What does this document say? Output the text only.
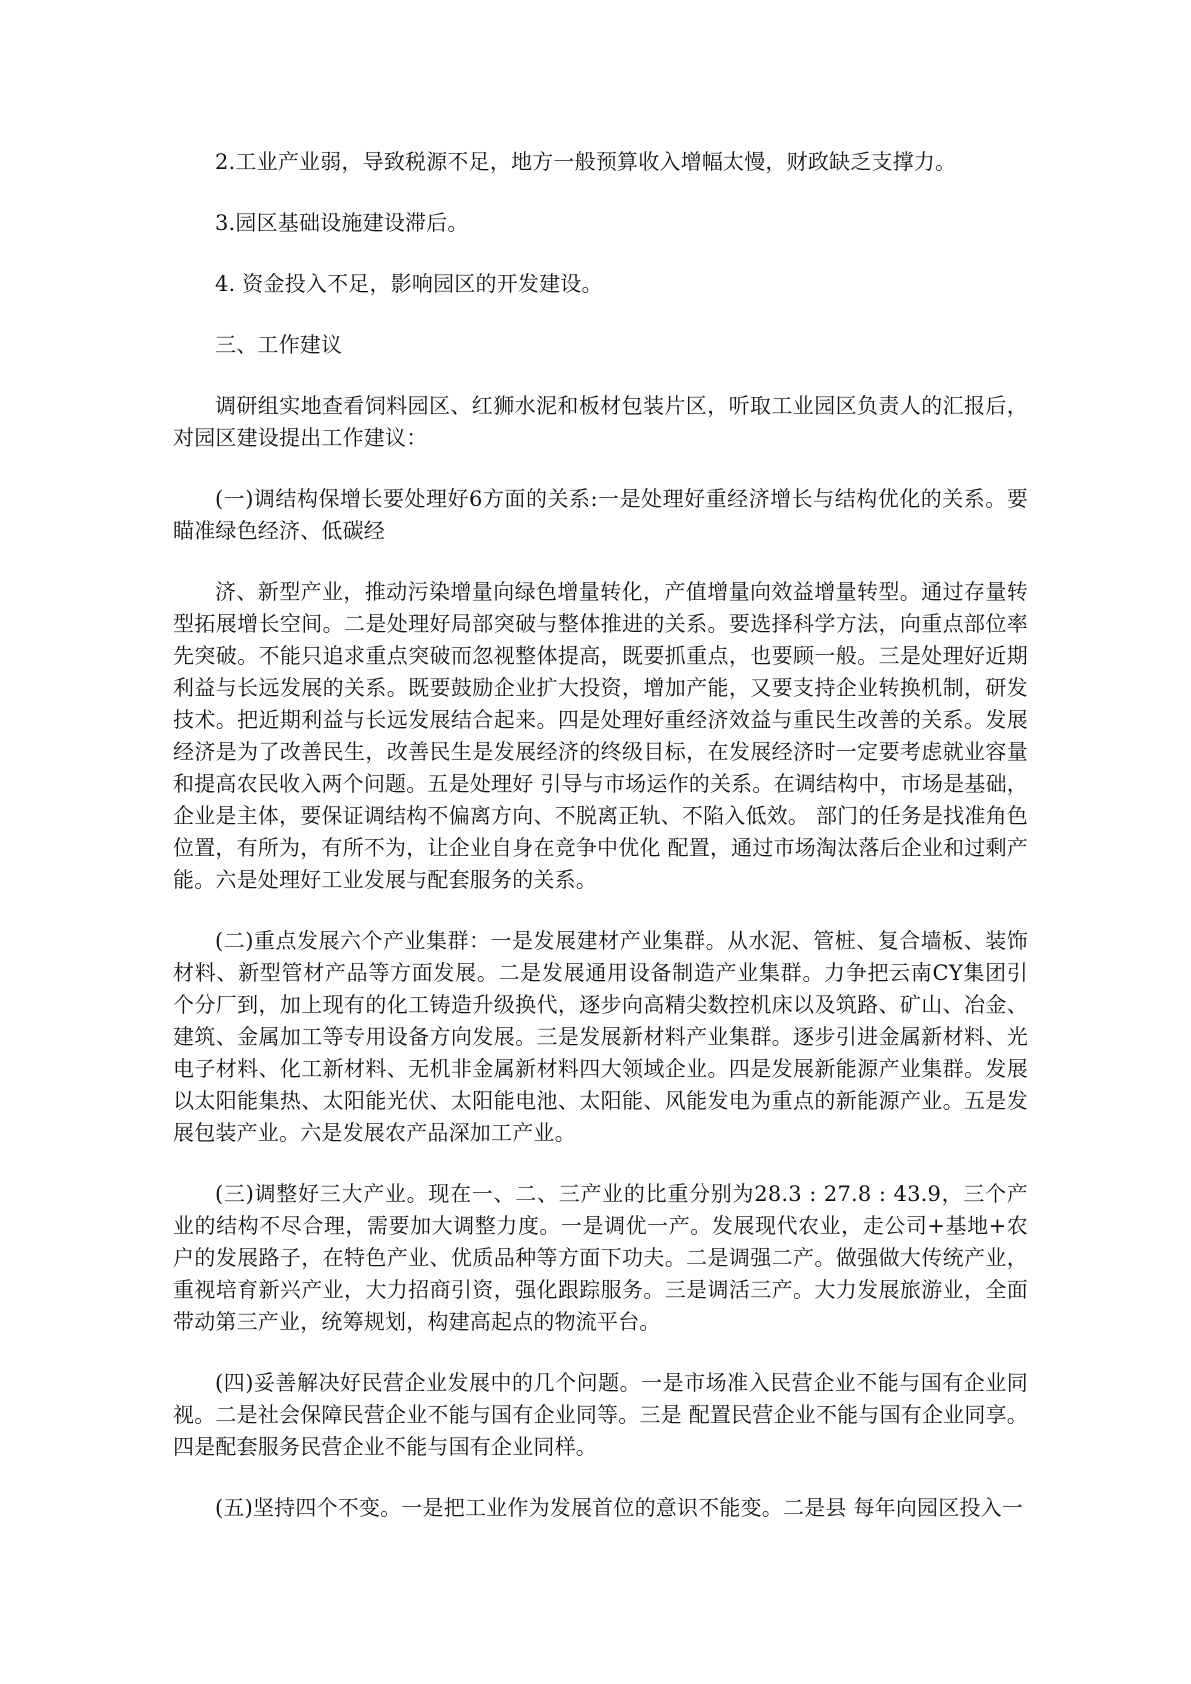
2.工业产业弱，导致税源不足，地方一般预算收入增幅太慢，财政缺乏支撑力。

3.园区基础设施建设滞后。

4. 资金投入不足，影响园区的开发建设。

三、工作建议

调研组实地查看饲料园区、红狮水泥和板材包装片区，听取工业园区负责人的汇报后，对园区建设提出工作建议：

(一)调结构保增长要处理好6方面的关系:一是处理好重经济增长与结构优化的关系。要瞄准绿色经济、低碳经

济、新型产业，推动污染增量向绿色增量转化，产值增量向效益增量转型。通过存量转型拓展增长空间。二是处理好局部突破与整体推进的关系。要选择科学方法，向重点部位率先突破。不能只追求重点突破而忽视整体提高，既要抓重点，也要顾一般。三是处理好近期利益与长远发展的关系。既要鼓励企业扩大投资，增加产能，又要支持企业转换机制，研发技术。把近期利益与长远发展结合起来。四是处理好重经济效益与重民生改善的关系。发展经济是为了改善民生，改善民生是发展经济的终级目标，在发展经济时一定要考虑就业容量和提高农民收入两个问题。五是处理好 引导与市场运作的关系。在调结构中，市场是基础，企业是主体，要保证调结构不偏离方向、不脱离正轨、不陷入低效。 部门的任务是找准角色位置，有所为，有所不为，让企业自身在竞争中优化 配置，通过市场淘汰落后企业和过剩产能。六是处理好工业发展与配套服务的关系。

(二)重点发展六个产业集群：一是发展建材产业集群。从水泥、管桩、复合墙板、装饰材料、新型管材产品等方面发展。二是发展通用设备制造产业集群。力争把云南CY集团引个分厂到，加上现有的化工铸造升级换代，逐步向高精尖数控机床以及筑路、矿山、冶金、建筑、金属加工等专用设备方向发展。三是发展新材料产业集群。逐步引进金属新材料、光电子材料、化工新材料、无机非金属新材料四大领域企业。四是发展新能源产业集群。发展以太阳能集热、太阳能光伏、太阳能电池、太阳能、风能发电为重点的新能源产业。五是发展包装产业。六是发展农产品深加工产业。

(三)调整好三大产业。现在一、二、三产业的比重分别为28.3 : 27.8 : 43.9，三个产业的结构不尽合理，需要加大调整力度。一是调优一产。发展现代农业，走公司+基地+农户的发展路子，在特色产业、优质品种等方面下功夫。二是调强二产。做强做大传统产业，重视培育新兴产业，大力招商引资，强化跟踪服务。三是调活三产。大力发展旅游业，全面带动第三产业，统筹规划，构建高起点的物流平台。

(四)妥善解决好民营企业发展中的几个问题。一是市场准入民营企业不能与国有企业同视。二是社会保障民营企业不能与国有企业同等。三是 配置民营企业不能与国有企业同享。四是配套服务民营企业不能与国有企业同样。

(五)坚持四个不变。一是把工业作为发展首位的意识不能变。二是县 每年向园区投入一
